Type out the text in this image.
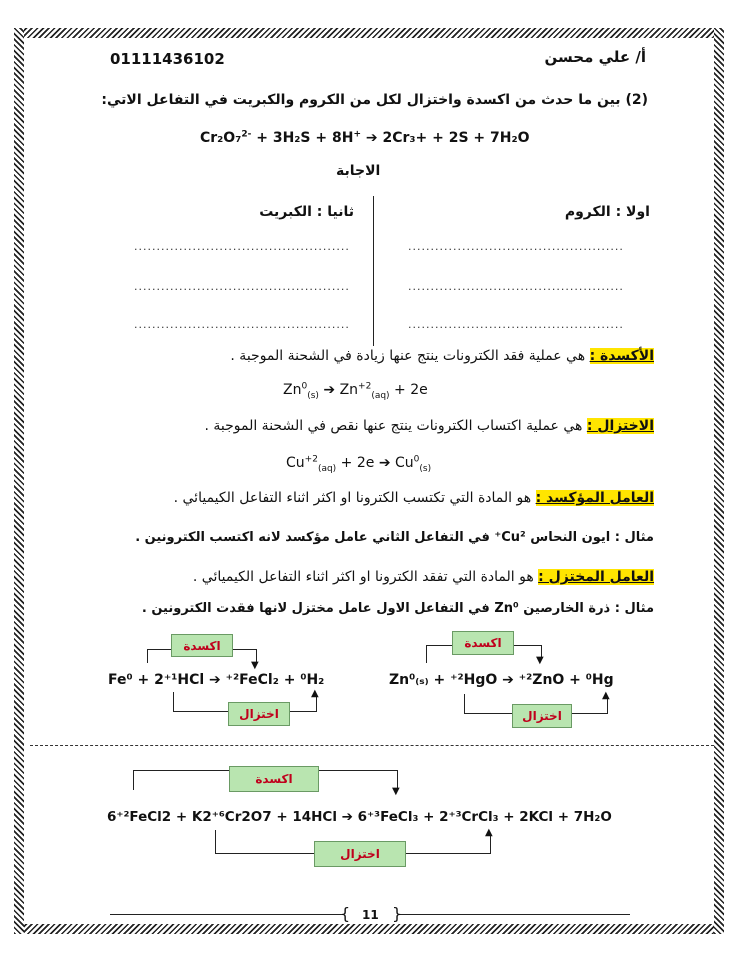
01111436102	أ/ علي محسن
(2) بين ما حدث من اكسدة واختزال لكل من الكروم والكبريت في التفاعل الاتي:
Cr₂O₇$^{2-}$ + 3H₂S + 8H+ ➔ 2Cr₃+ + 2S + 7H₂O
الاجابة
اولا : الكروم
ثانيا : الكبريت
................................................
................................................
................................................
................................................
................................................
................................................
الأكسدة : هي عملية فقد الكترونات ينتج عنها زيادة في الشحنة الموجبة .
$Zn^0_{(s)}$ ➔ $Zn^{+2}_{(aq)} + 2e$
الاختزال : هي عملية اكتساب الكترونات ينتج عنها نقص في الشحنة الموجبة .
$Cu^{+2}_{(aq)} + 2e$ ➔ $Cu^0_{(s)}$
العامل المؤكسد : هو المادة التي تكتسب الكترونا او اكثر اثناء التفاعل الكيميائي .
مثال : ايون النحاس Cu²⁺ في التفاعل الثاني عامل مؤكسد لانه اكتسب الكترونين .
العامل المختزل : هو المادة التي تفقد الكترونا او اكثر اثناء التفاعل الكيميائي .
مثال : ذرة الخارصين Zn⁰ في التفاعل الاول عامل مختزل لانها فقدت الكترونين .
▼
اكسدة
Fe⁰ + 2⁺¹HCl ➔ ⁺²FeCl₂ + ⁰H₂
▲
اختزال
▼
اكسدة
Zn⁰₍ₛ₎ + ⁺²HgO ➔ ⁺²ZnO + ⁰Hg
▲
اختزال
▼
اكسدة
6⁺²FeCl2 + K2⁺⁶Cr2O7 + 14HCl ➔ 6⁺³FeCl₃ + 2⁺³CrCl₃ + 2KCl + 7H₂O
▲
اختزال
{	}
11
